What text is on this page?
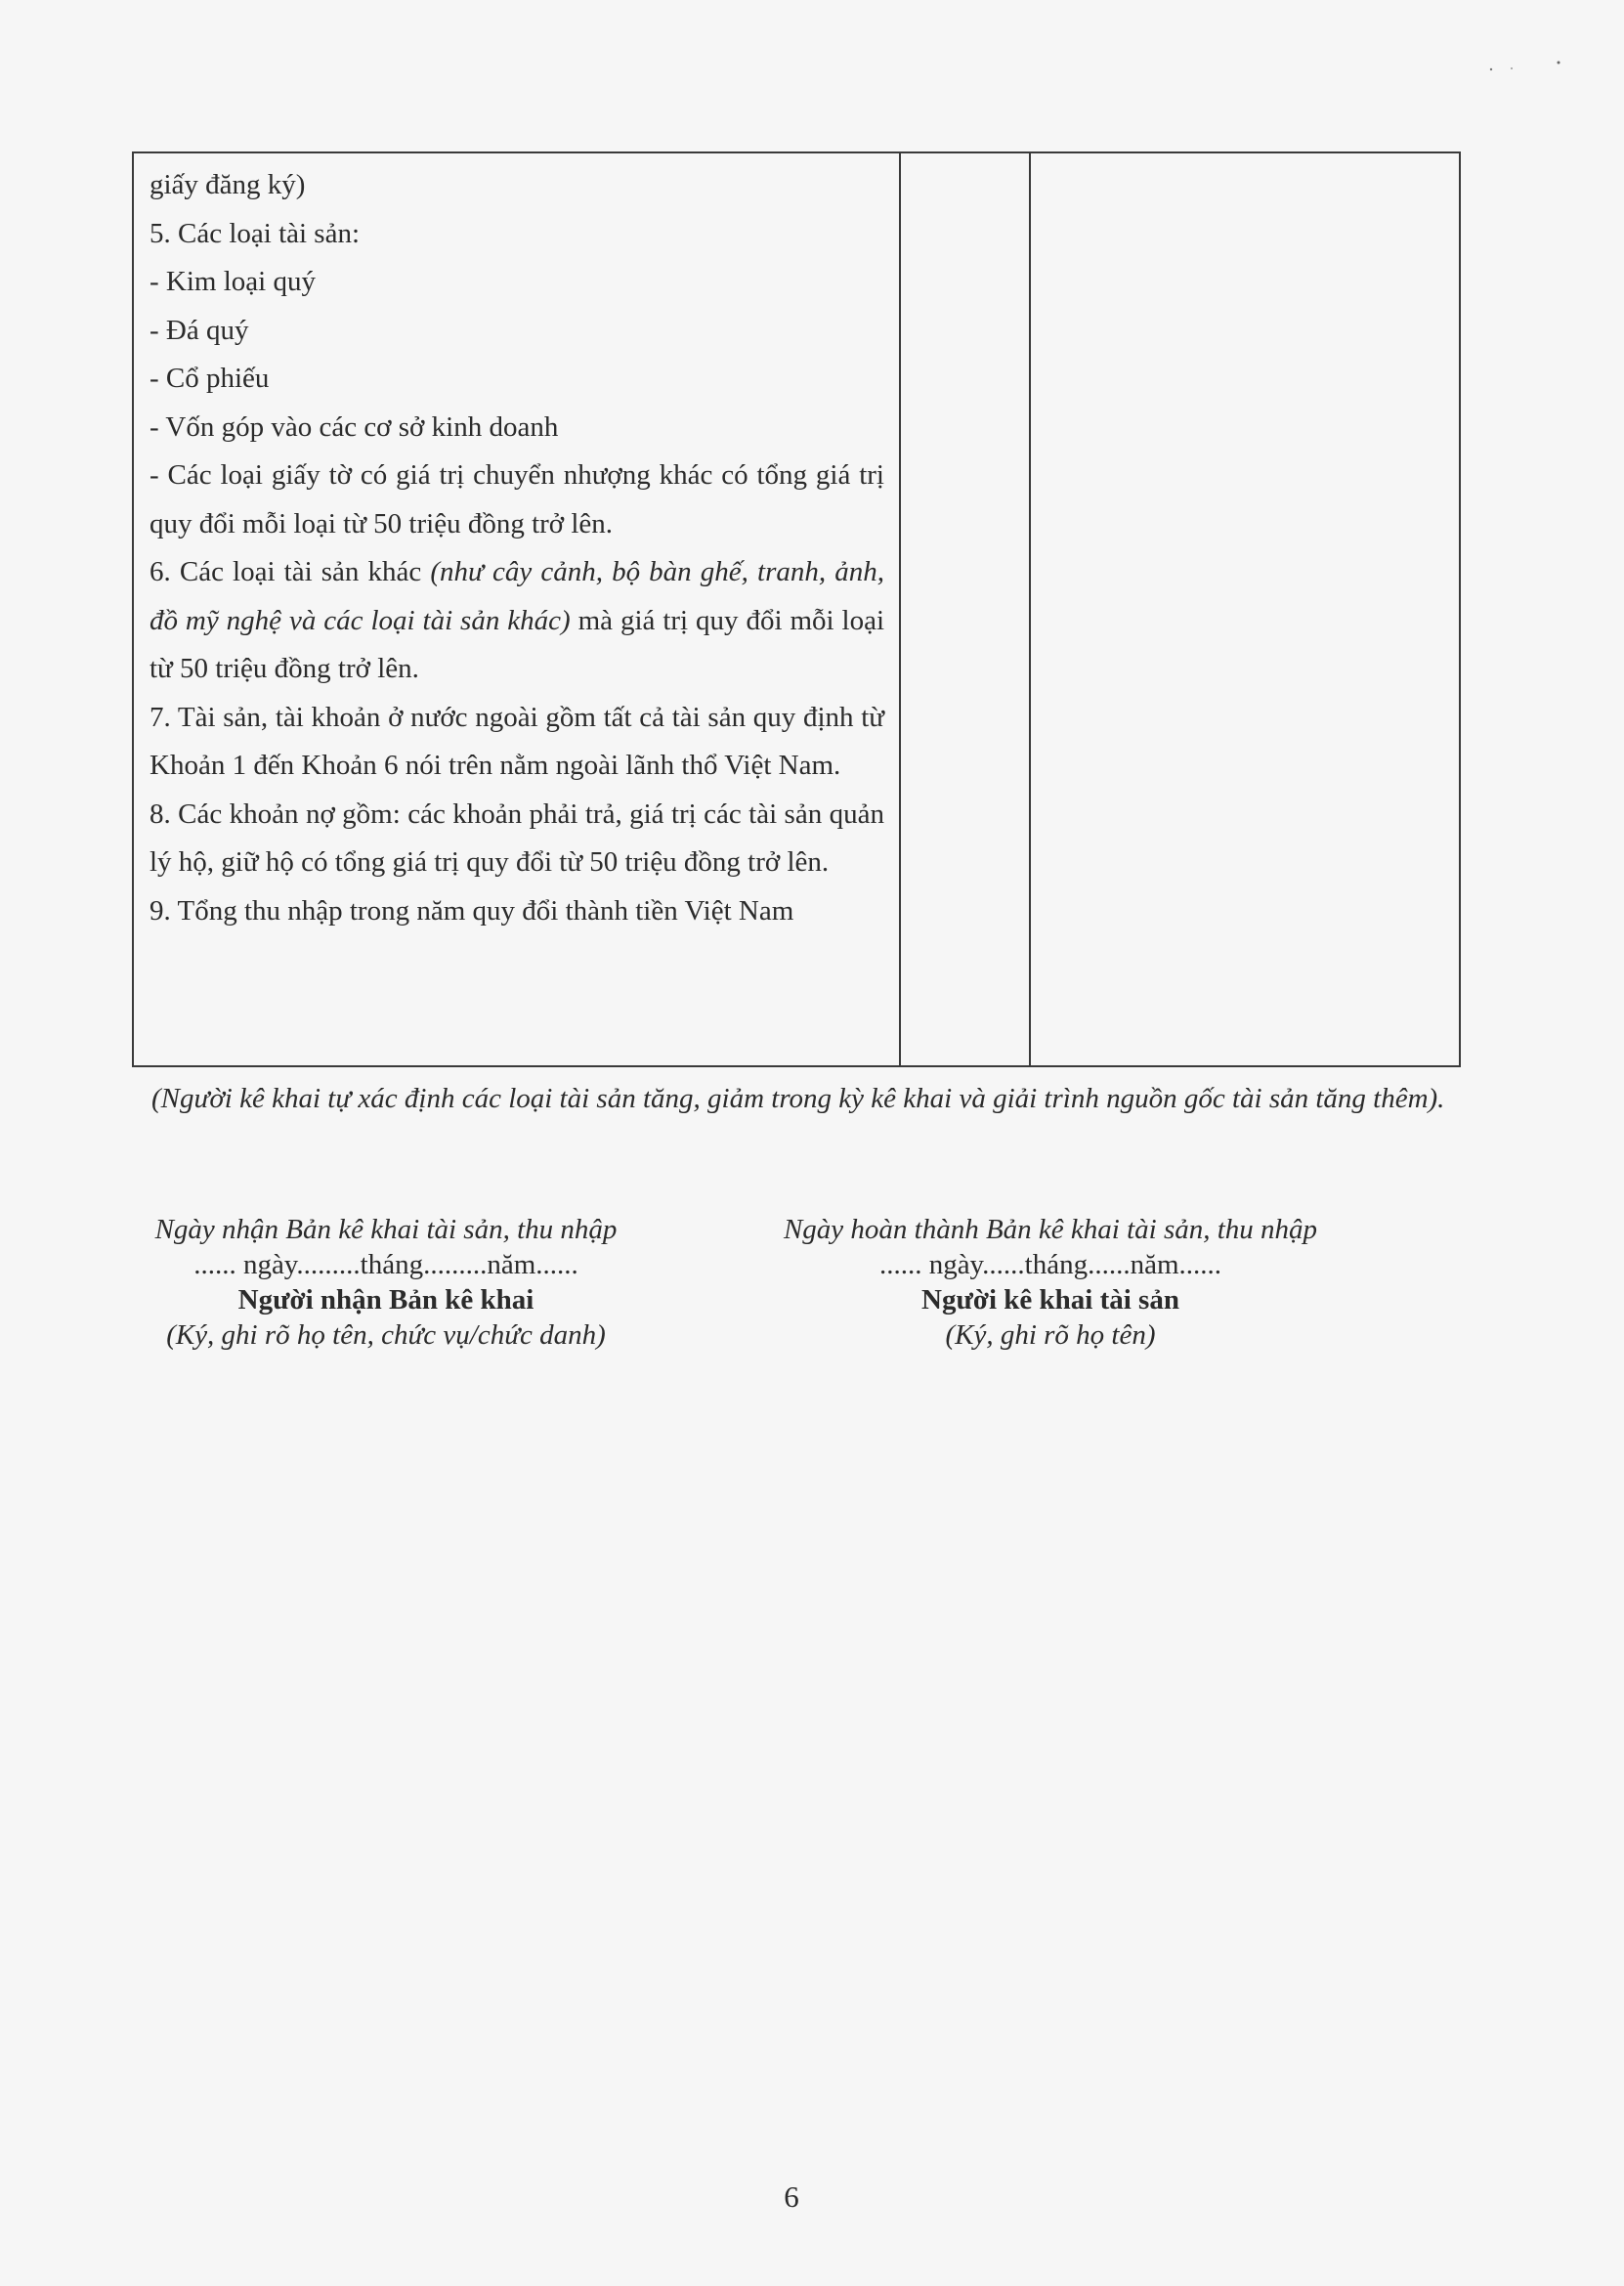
giấy đăng ký)

5. Các loại tài sản:

- Kim loại quý

- Đá quý

- Cổ phiếu

- Vốn góp vào các cơ sở kinh doanh

- Các loại giấy tờ có giá trị chuyển nhượng khác có tổng giá trị quy đổi mỗi loại từ 50 triệu đồng trở lên.

6. Các loại tài sản khác (như cây cảnh, bộ bàn ghế, tranh, ảnh, đồ mỹ nghệ và các loại tài sản khác) mà giá trị quy đổi mỗi loại từ 50 triệu đồng trở lên.

7. Tài sản, tài khoản ở nước ngoài gồm tất cả tài sản quy định từ Khoản 1 đến Khoản 6 nói trên nằm ngoài lãnh thổ Việt Nam.

8. Các khoản nợ gồm: các khoản phải trả, giá trị các tài sản quản lý hộ, giữ hộ có tổng giá trị quy đổi từ 50 triệu đồng trở lên.

9. Tổng thu nhập trong năm quy đổi thành tiền Việt Nam

(Người kê khai tự xác định các loại tài sản tăng, giảm trong kỳ kê khai và giải trình nguồn gốc tài sản tăng thêm).

Ngày nhận Bản kê khai tài sản, thu nhập
...... ngày.........tháng.........năm......
Người nhận Bản kê khai
(Ký, ghi rõ họ tên, chức vụ/chức danh)
Ngày hoàn thành Bản kê khai tài sản, thu nhập
...... ngày......tháng......năm......
Người kê khai tài sản
(Ký, ghi rõ họ tên)
6
